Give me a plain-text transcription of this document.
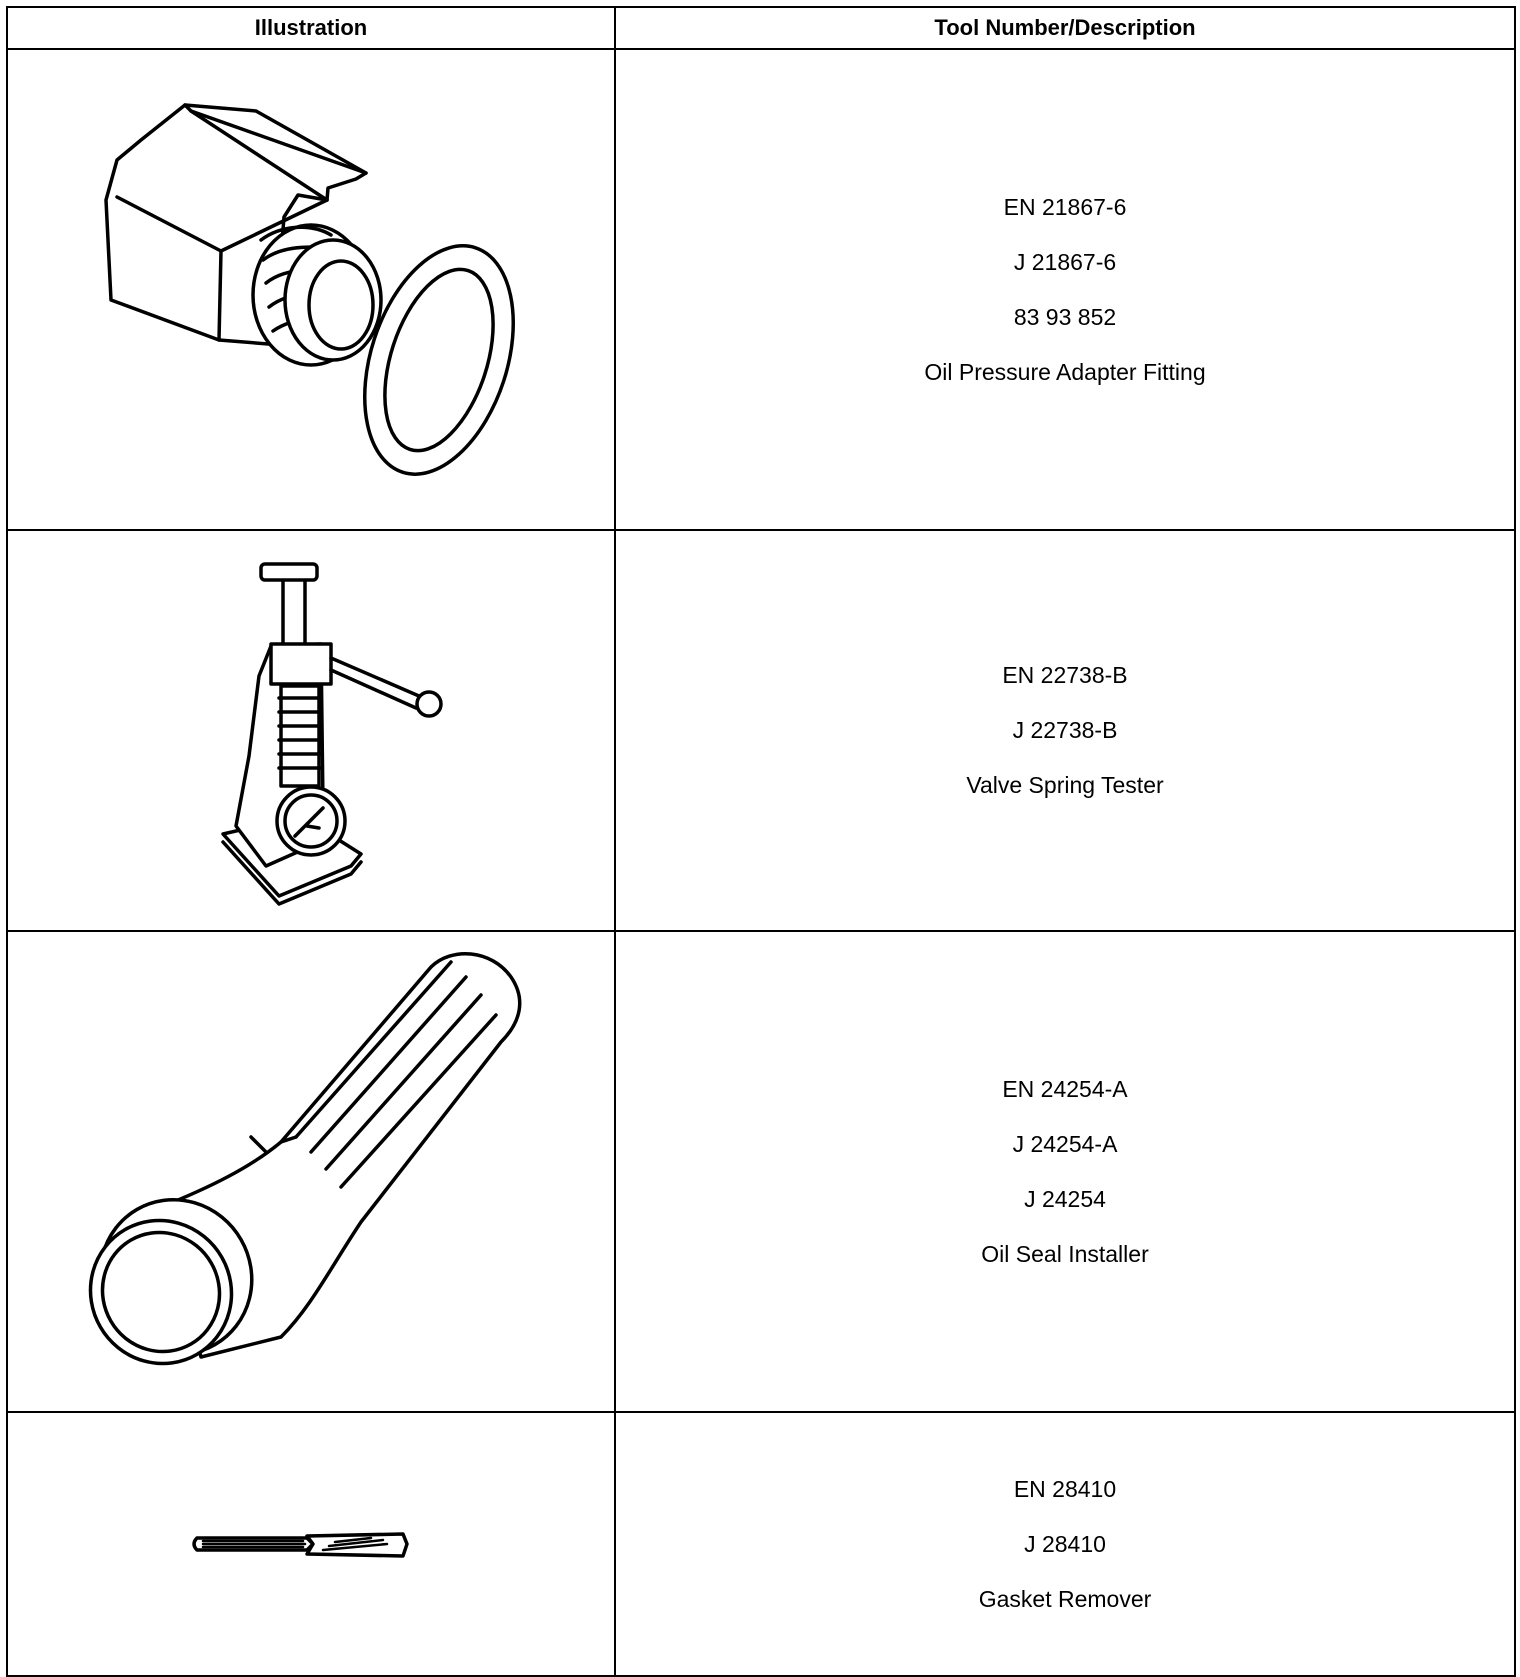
Illustration	Tool Number/Description

EN 21867-6
J 21867-6
83 93 852
Oil Pressure Adapter Fitting

EN 22738-B
J 22738-B
Valve Spring Tester

EN 24254-A
J 24254-A
J 24254
Oil Seal Installer

EN 28410
J 28410
Gasket Remover
